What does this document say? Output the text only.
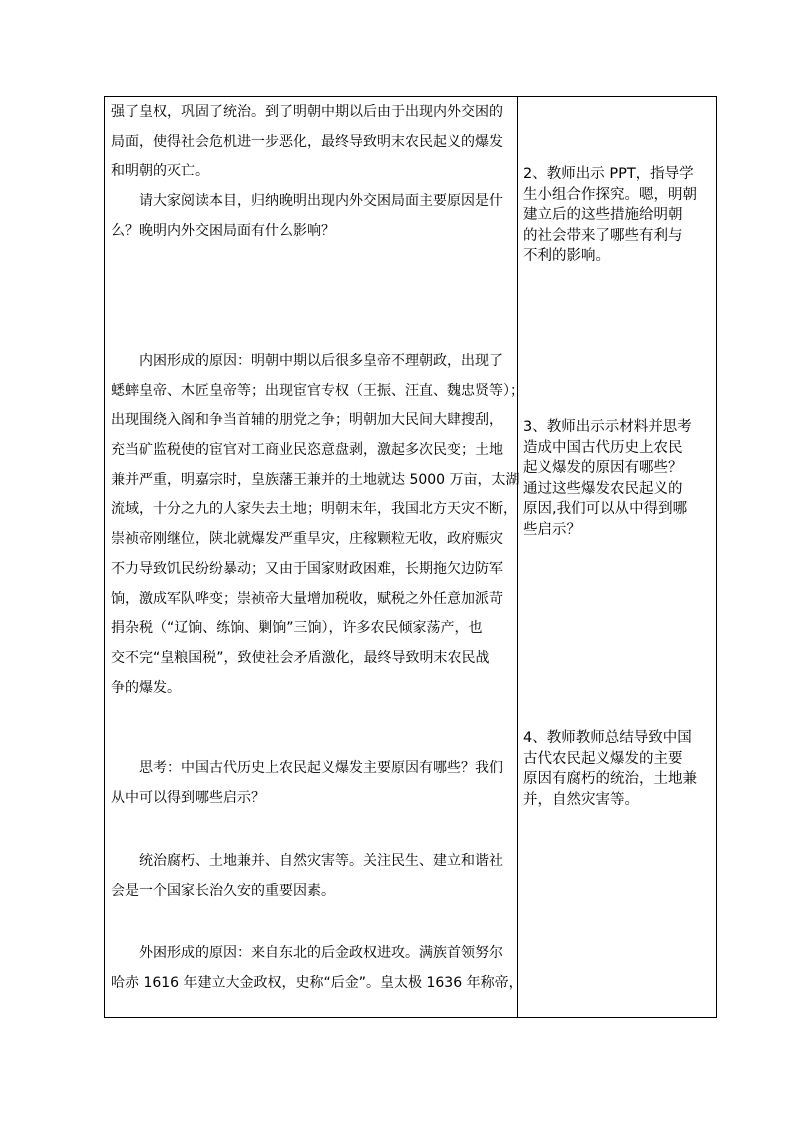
强了皇权，巩固了统治。到了明朝中期以后由于出现内外交困的
局面，使得社会危机进一步恶化，最终导致明末农民起义的爆发
和明朝的灭亡。
　　请大家阅读本目，归纳晚明出现内外交困局面主要原因是什
么？晚明内外交困局面有什么影响？
　　内困形成的原因：明朝中期以后很多皇帝不理朝政，出现了
蟋蟀皇帝、木匠皇帝等；出现宦官专权（王振、汪直、魏忠贤等）；
出现围绕入阁和争当首辅的朋党之争；明朝加大民间大肆搜刮，
充当矿监税使的宦官对工商业民恣意盘剥，激起多次民变；土地
兼并严重，明嘉宗时，皇族藩王兼并的土地就达 5000 万亩，太湖
流域，十分之九的人家失去土地；明朝末年，我国北方天灾不断，
崇祯帝刚继位，陕北就爆发严重旱灾，庄稼颗粒无收，政府赈灾
不力导致饥民纷纷暴动；又由于国家财政困难，长期拖欠边防军
饷，激成军队哗变；崇祯帝大量增加税收，赋税之外任意加派苛
捐杂税（“辽饷、练饷、剿饷”三饷），许多农民倾家荡产，也
交不完“皇粮国税”，致使社会矛盾激化，最终导致明末农民战
争的爆发。
　　思考：中国古代历史上农民起义爆发主要原因有哪些？我们
从中可以得到哪些启示？
　　统治腐朽、土地兼并、自然灾害等。关注民生、建立和谐社
会是一个国家长治久安的重要因素。
　　外困形成的原因：来自东北的后金政权进攻。满族首领努尔
哈赤 1616 年建立大金政权，史称“后金”。皇太极 1636 年称帝，
2、教师出示 PPT，指导学
生小组合作探究。嗯，明朝
建立后的这些措施给明朝
的社会带来了哪些有利与
不利的影响。
3、教师出示示材料并思考
造成中国古代历史上农民
起义爆发的原因有哪些？
通过这些爆发农民起义的
原因,我们可以从中得到哪
些启示？
4、教师教师总结导致中国
古代农民起义爆发的主要
原因有腐朽的统治，土地兼
并，自然灾害等。
